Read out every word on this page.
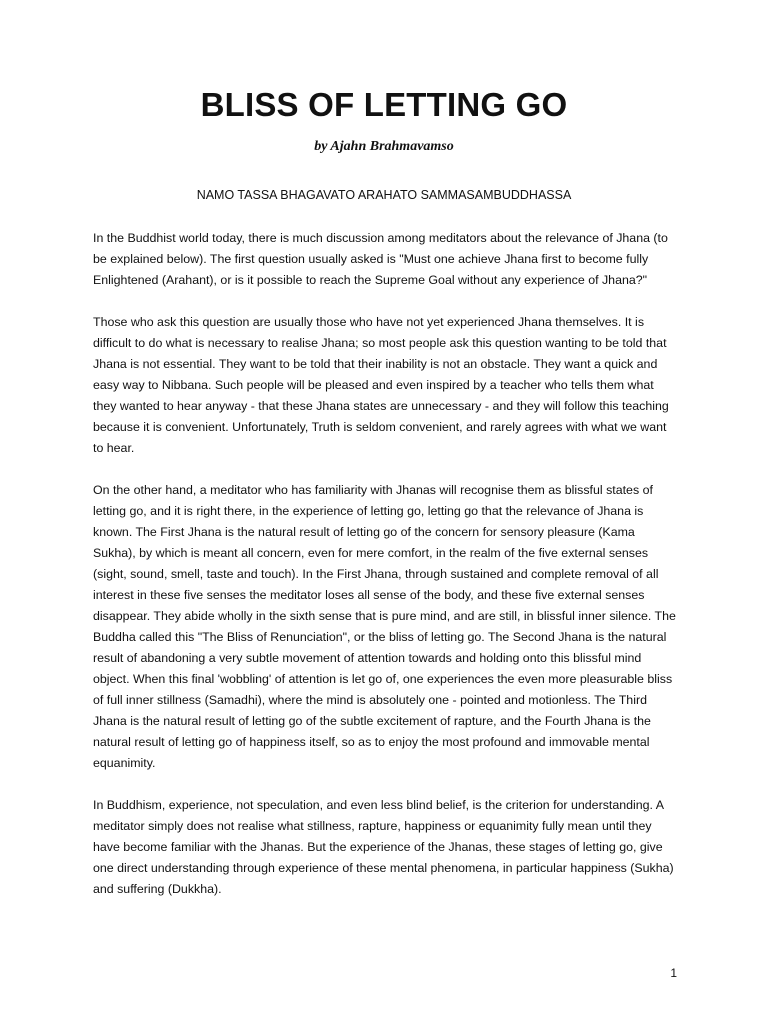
BLISS OF LETTING GO
by Ajahn Brahmavamso
NAMO TASSA BHAGAVATO ARAHATO SAMMASAMBUDDHASSA

In the Buddhist world today, there is much discussion among meditators about the relevance of Jhana (to be explained below). The first question usually asked is "Must one achieve Jhana first to become fully Enlightened (Arahant), or is it possible to reach the Supreme Goal without any experience of Jhana?"

Those who ask this question are usually those who have not yet experienced Jhana themselves. It is difficult to do what is necessary to realise Jhana; so most people ask this question wanting to be told that Jhana is not essential. They want to be told that their inability is not an obstacle. They want a quick and easy way to Nibbana. Such people will be pleased and even inspired by a teacher who tells them what they wanted to hear anyway - that these Jhana states are unnecessary - and they will follow this teaching because it is convenient. Unfortunately, Truth is seldom convenient, and rarely agrees with what we want to hear.

On the other hand, a meditator who has familiarity with Jhanas will recognise them as blissful states of letting go, and it is right there, in the experience of letting go, letting go that the relevance of Jhana is known. The First Jhana is the natural result of letting go of the concern for sensory pleasure (Kama Sukha), by which is meant all concern, even for mere comfort, in the realm of the five external senses (sight, sound, smell, taste and touch). In the First Jhana, through sustained and complete removal of all interest in these five senses the meditator loses all sense of the body, and these five external senses disappear. They abide wholly in the sixth sense that is pure mind, and are still, in blissful inner silence. The Buddha called this "The Bliss of Renunciation", or the bliss of letting go. The Second Jhana is the natural result of abandoning a very subtle movement of attention towards and holding onto this blissful mind object. When this final 'wobbling' of attention is let go of, one experiences the even more pleasurable bliss of full inner stillness (Samadhi), where the mind is absolutely one - pointed and motionless. The Third Jhana is the natural result of letting go of the subtle excitement of rapture, and the Fourth Jhana is the natural result of letting go of happiness itself, so as to enjoy the most profound and immovable mental equanimity.

In Buddhism, experience, not speculation, and even less blind belief, is the criterion for understanding. A meditator simply does not realise what stillness, rapture, happiness or equanimity fully mean until they have become familiar with the Jhanas. But the experience of the Jhanas, these stages of letting go, give one direct understanding through experience of these mental phenomena, in particular happiness (Sukha) and suffering (Dukkha).

1
